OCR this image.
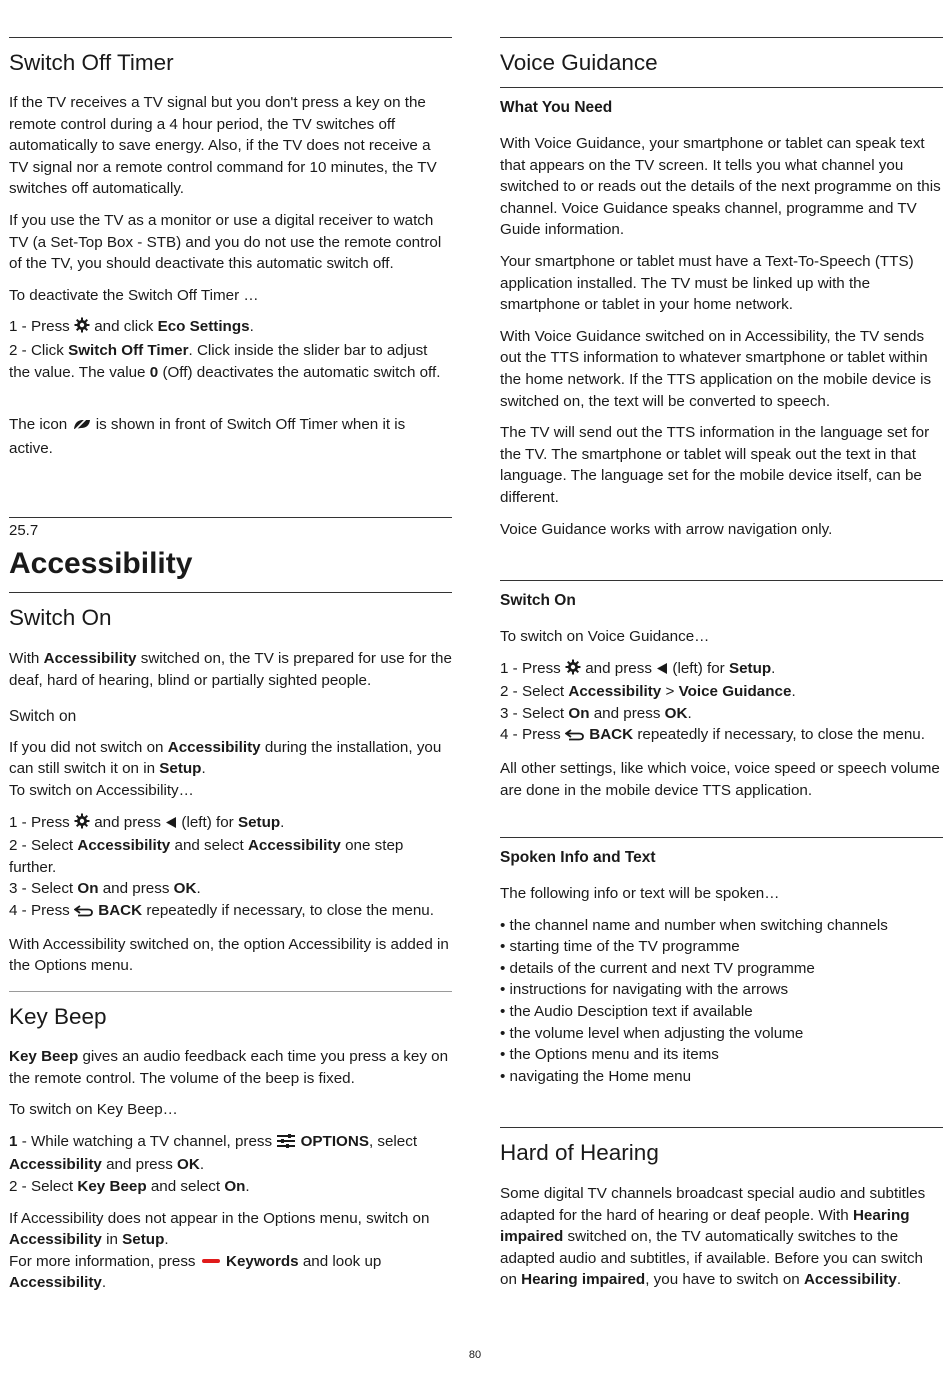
Switch Off Timer

If the TV receives a TV signal but you don't press a key on the remote control during a 4 hour period, the TV switches off automatically to save energy. Also, if the TV does not receive a TV signal nor a remote control command for 10 minutes, the TV switches off automatically.

If you use the TV as a monitor or use a digital receiver to watch TV (a Set-Top Box - STB) and you do not use the remote control of the TV, you should deactivate this automatic switch off.

To deactivate the Switch Off Timer …

1 - Press and click Eco Settings.
2 - Click Switch Off Timer. Click inside the slider bar to adjust the value. The value 0 (Off) deactivates the automatic switch off.

The icon is shown in front of Switch Off Timer when it is active.

25.7
Accessibility
Switch On

With Accessibility switched on, the TV is prepared for use for the deaf, hard of hearing, blind or partially sighted people.

Switch on

If you did not switch on Accessibility during the installation, you can still switch it on in Setup.
To switch on Accessibility…

1 - Press and press (left) for Setup.
2 - Select Accessibility and select Accessibility one step further.
3 - Select On and press OK.
4 - Press BACK repeatedly if necessary, to close the menu.

With Accessibility switched on, the option Accessibility is added in the Options menu.

Key Beep

Key Beep gives an audio feedback each time you press a key on the remote control. The volume of the beep is fixed.

To switch on Key Beep…

1 - While watching a TV channel, press OPTIONS, select Accessibility and press OK.
2 - Select Key Beep and select On.

If Accessibility does not appear in the Options menu, switch on Accessibility in Setup.
For more information, press Keywords and look up Accessibility.

Voice Guidance
What You Need

With Voice Guidance, your smartphone or tablet can speak text that appears on the TV screen. It tells you what channel you switched to or reads out the details of the next programme on this channel. Voice Guidance speaks channel, programme and TV Guide information.

Your smartphone or tablet must have a Text-To-Speech (TTS) application installed. The TV must be linked up with the smartphone or tablet in your home network.

With Voice Guidance switched on in Accessibility, the TV sends out the TTS information to whatever smartphone or tablet within the home network. If the TTS application on the mobile device is switched on, the text will be converted to speech.

The TV will send out the TTS information in the language set for the TV. The smartphone or tablet will speak out the text in that language. The language set for the mobile device itself, can be different.

Voice Guidance works with arrow navigation only.

Switch On

To switch on Voice Guidance…

1 - Press and press (left) for Setup.
2 - Select Accessibility > Voice Guidance.
3 - Select On and press OK.
4 - Press BACK repeatedly if necessary, to close the menu.

All other settings, like which voice, voice speed or speech volume are done in the mobile device TTS application.

Spoken Info and Text

The following info or text will be spoken…

• the channel name and number when switching channels
• starting time of the TV programme
• details of the current and next TV programme
• instructions for navigating with the arrows
• the Audio Desciption text if available
• the volume level when adjusting the volume
• the Options menu and its items
• navigating the Home menu
Hard of Hearing

Some digital TV channels broadcast special audio and subtitles adapted for the hard of hearing or deaf people. With Hearing impaired switched on, the TV automatically switches to the adapted audio and subtitles, if available. Before you can switch on Hearing impaired, you have to switch on Accessibility.

80
